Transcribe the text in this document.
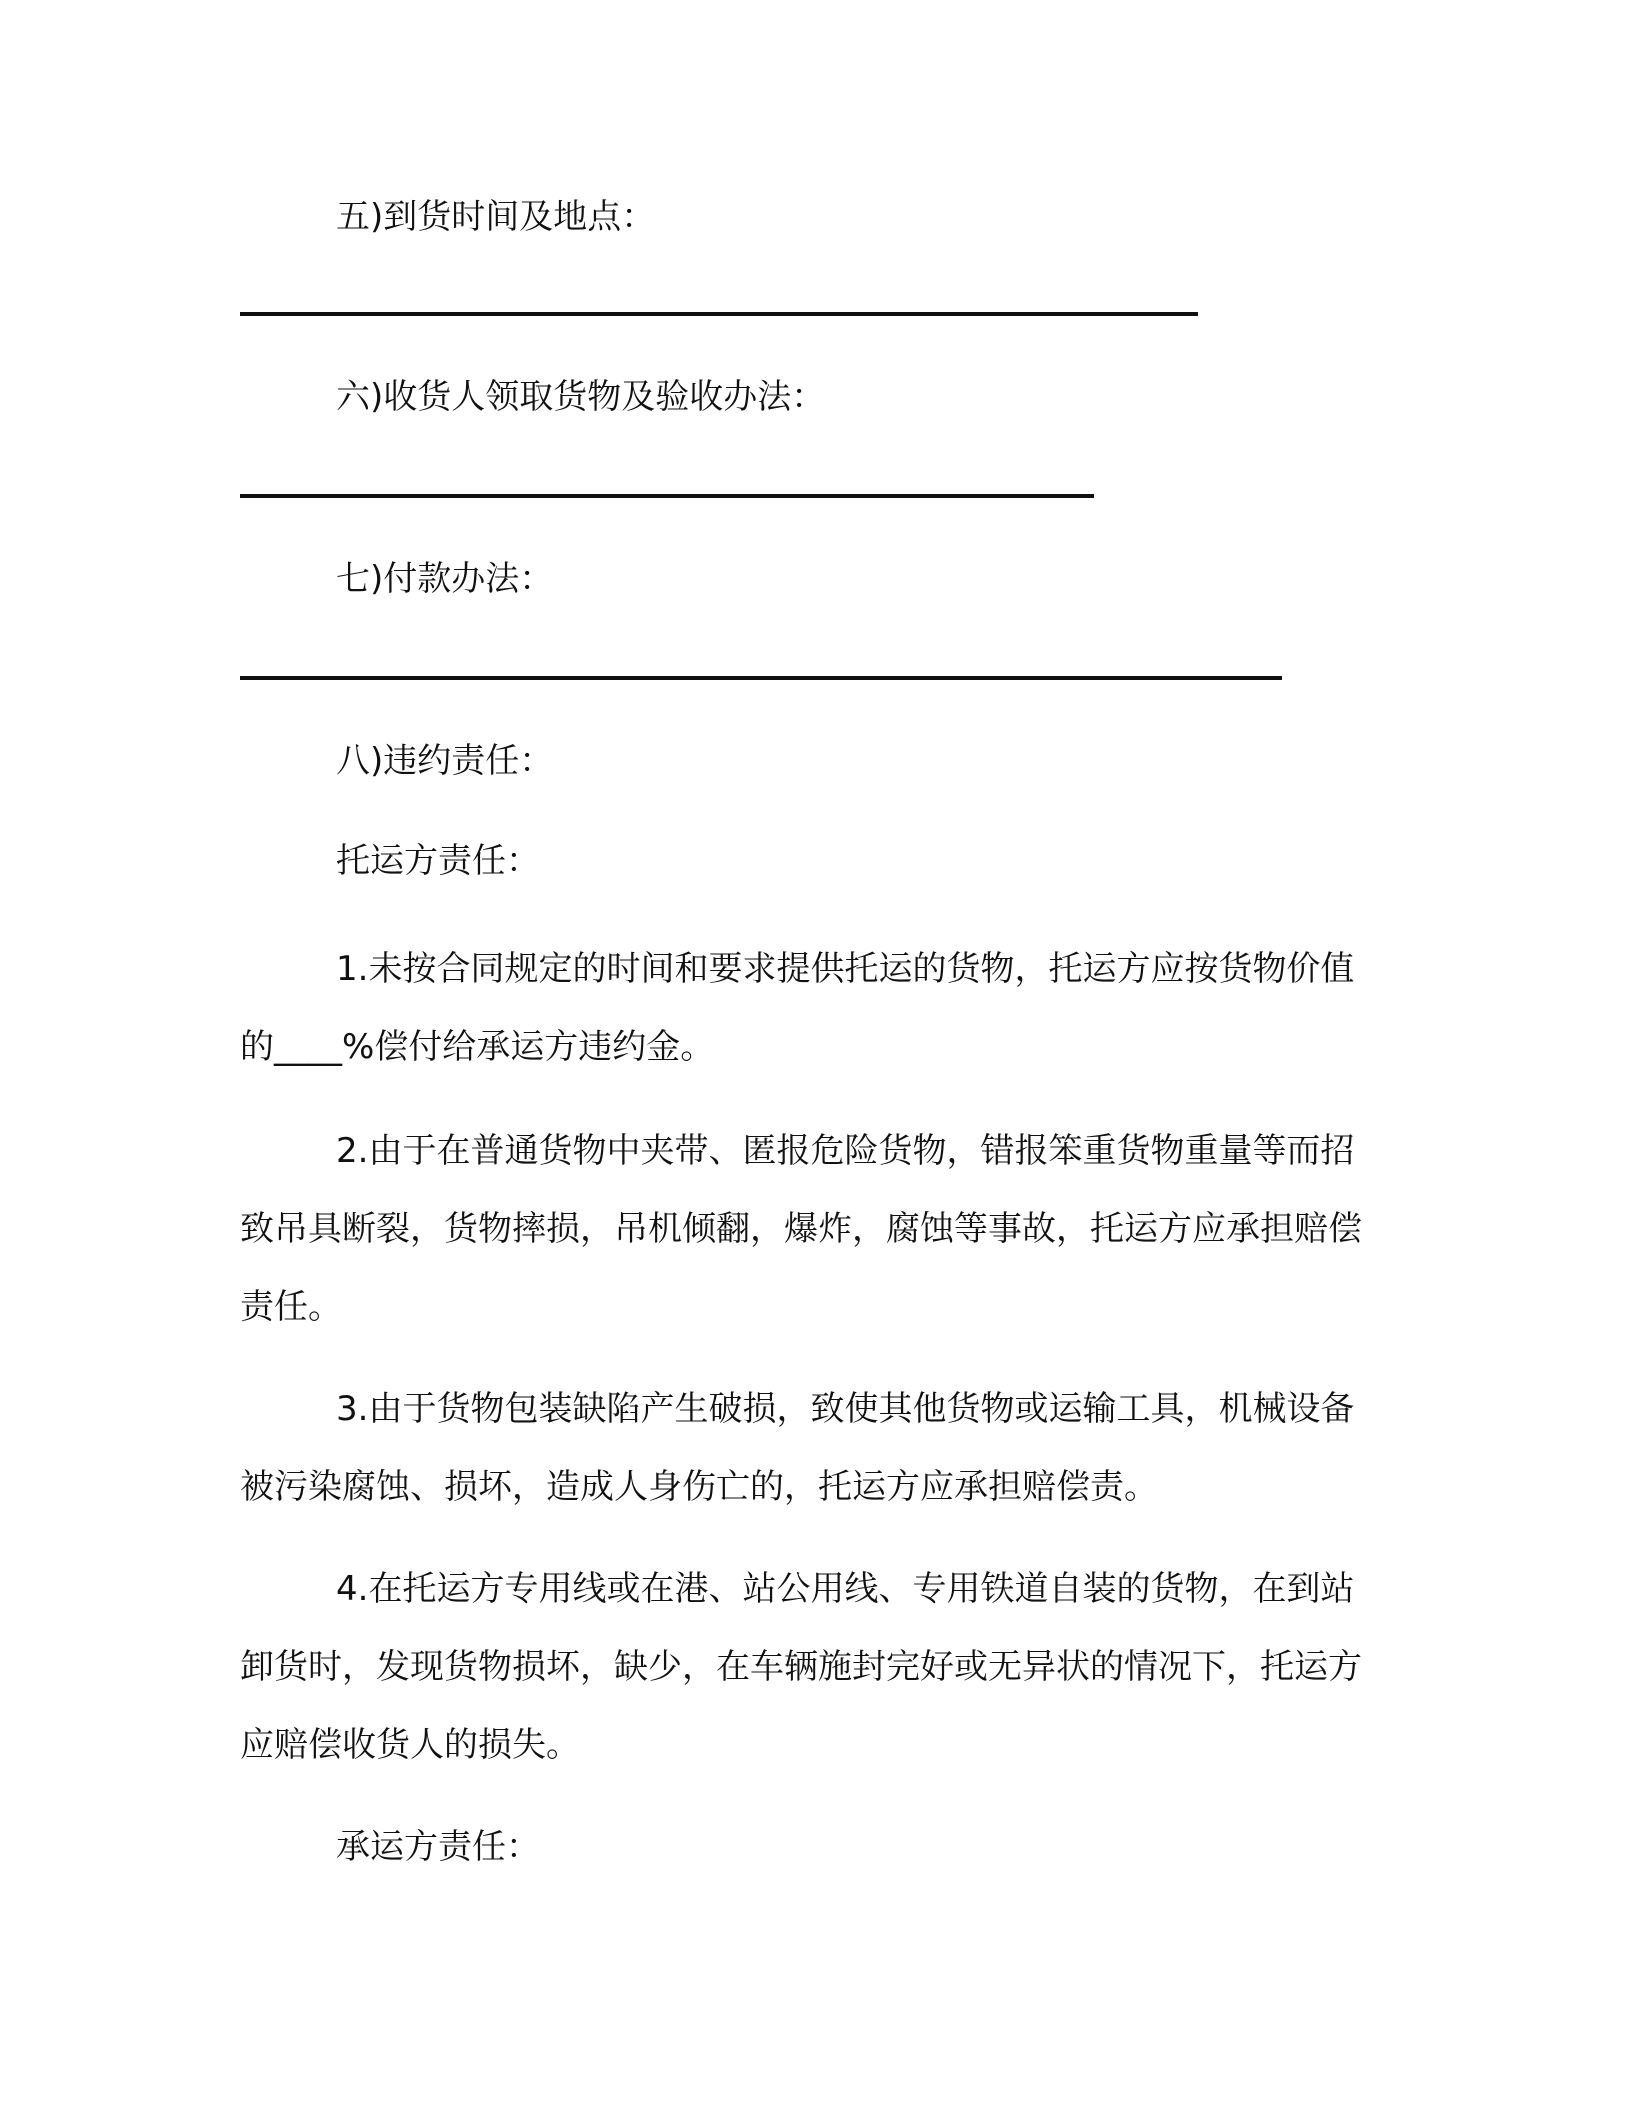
五)到货时间及地点：

六)收货人领取货物及验收办法：

七)付款办法：

八)违约责任：

托运方责任：

1.未按合同规定的时间和要求提供托运的货物，托运方应按货物价值的____%偿付给承运方违约金。

2.由于在普通货物中夹带、匿报危险货物，错报笨重货物重量等而招致吊具断裂，货物摔损，吊机倾翻，爆炸，腐蚀等事故，托运方应承担赔偿责任。

3.由于货物包装缺陷产生破损，致使其他货物或运输工具，机械设备被污染腐蚀、损坏，造成人身伤亡的，托运方应承担赔偿责。

4.在托运方专用线或在港、站公用线、专用铁道自装的货物，在到站卸货时，发现货物损坏，缺少，在车辆施封完好或无异状的情况下，托运方应赔偿收货人的损失。

承运方责任：
